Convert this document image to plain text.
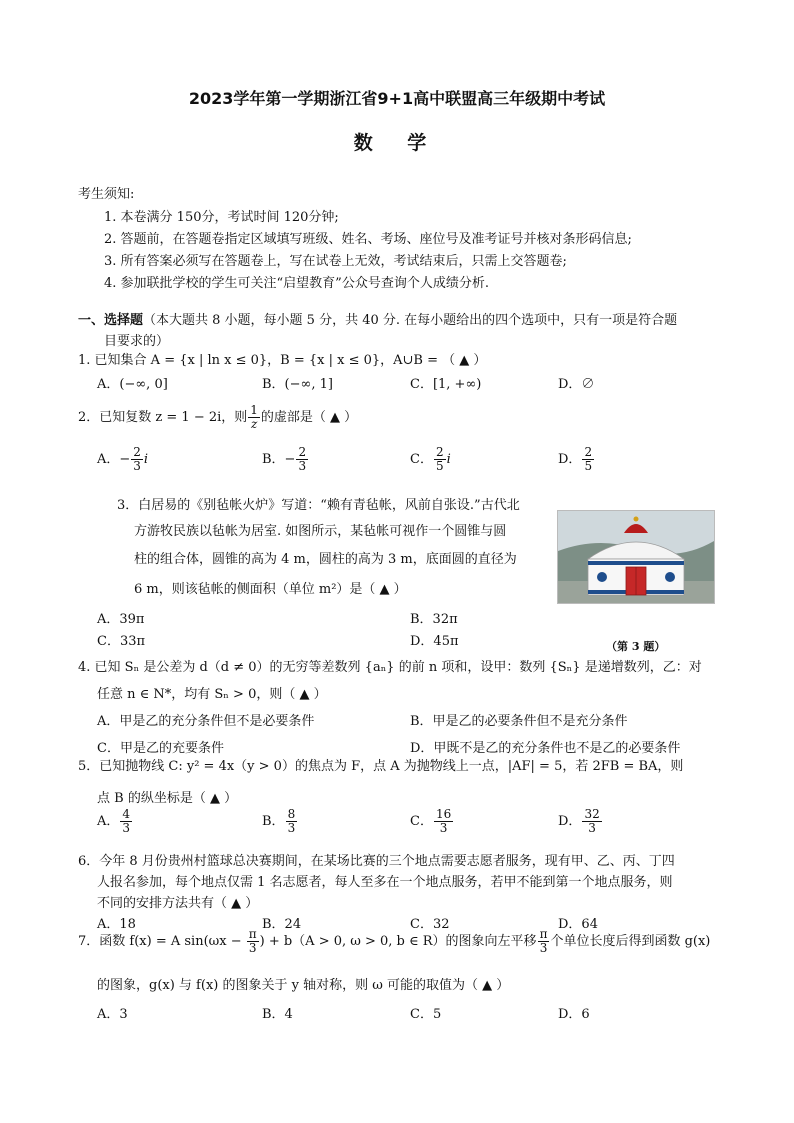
2023学年第一学期浙江省9+1高中联盟高三年级期中考试
数 学
考生须知:
1. 本卷满分 150分，考试时间 120分钟;
2. 答题前，在答题卷指定区域填写班级、姓名、考场、座位号及准考证号并核对条形码信息;
3. 所有答案必须写在答题卷上，写在试卷上无效，考试结束后，只需上交答题卷;
4. 参加联批学校的学生可关注“启望教育”公众号查询个人成绩分析.
一、选择题（本大题共 8 小题，每小题 5 分，共 40 分. 在每小题给出的四个选项中，只有一项是符合题
目要求的）
1. 已知集合 A = {x | ln x ≤ 0}，B = {x | x ≤ 0}，A∪B = （ ▲ ）
A．(−∞, 0]	B．(−∞, 1]	C．[1, +∞)	D．∅
2．已知复数 z = 1 − 2i，则 $\frac{1}{z}$ 的虚部是（ ▲ ）
A．− $\frac{2}{3}$ i	B．− $\frac{2}{3}$	C． $\frac{2}{5}$ i	D． $\frac{2}{5}$
3．白居易的《别毡帐火炉》写道：“赖有青毡帐，风前自张设.”古代北
方游牧民族以毡帐为居室. 如图所示，某毡帐可视作一个圆锥与圆
柱的组合体，圆锥的高为 4 m，圆柱的高为 3 m，底面圆的直径为
6 m，则该毡帐的侧面积（单位 m²）是（ ▲ ）
A．39π	B．32π
C．33π	D．45π	（第 3 题）
4. 已知 Sₙ 是公差为 d（d ≠ 0）的无穷等差数列 {aₙ} 的前 n 项和，设甲：数列 {Sₙ} 是递增数列，乙：对
任意 n ∈ N*，均有 Sₙ > 0，则（ ▲ ）
A．甲是乙的充分条件但不是必要条件	B．甲是乙的必要条件但不是充分条件
C．甲是乙的充要条件	D．甲既不是乙的充分条件也不是乙的必要条件
5．已知抛物线 C: y² = 4x（y > 0）的焦点为 F，点 A 为抛物线上一点，|AF| = 5，若 2FB = BA，则
点 B 的纵坐标是（ ▲ ）
A． $\frac{4}{3}$	B． $\frac{8}{3}$	C． $\frac{16}{3}$	D． $\frac{32}{3}$
6．今年 8 月份贵州村篮球总决赛期间，在某场比赛的三个地点需要志愿者服务，现有甲、乙、丙、丁四
人报名参加，每个地点仅需 1 名志愿者，每人至多在一个地点服务，若甲不能到第一个地点服务，则
不同的安排方法共有（ ▲ ）
A．18	B．24	C．32	D．64
7．函数 f(x) = A $\sin(\omega x - \frac{\pi}{3}$ ) + b（A > 0, ω > 0, b ∈ R）的图象向左平移 $\frac{\pi}{3}$ 个单位长度后得到函数 g(x)
的图象，g(x) 与 f(x) 的图象关于 y 轴对称，则 ω 可能的取值为（ ▲ ）
A．3	B．4	C．5	D．6
